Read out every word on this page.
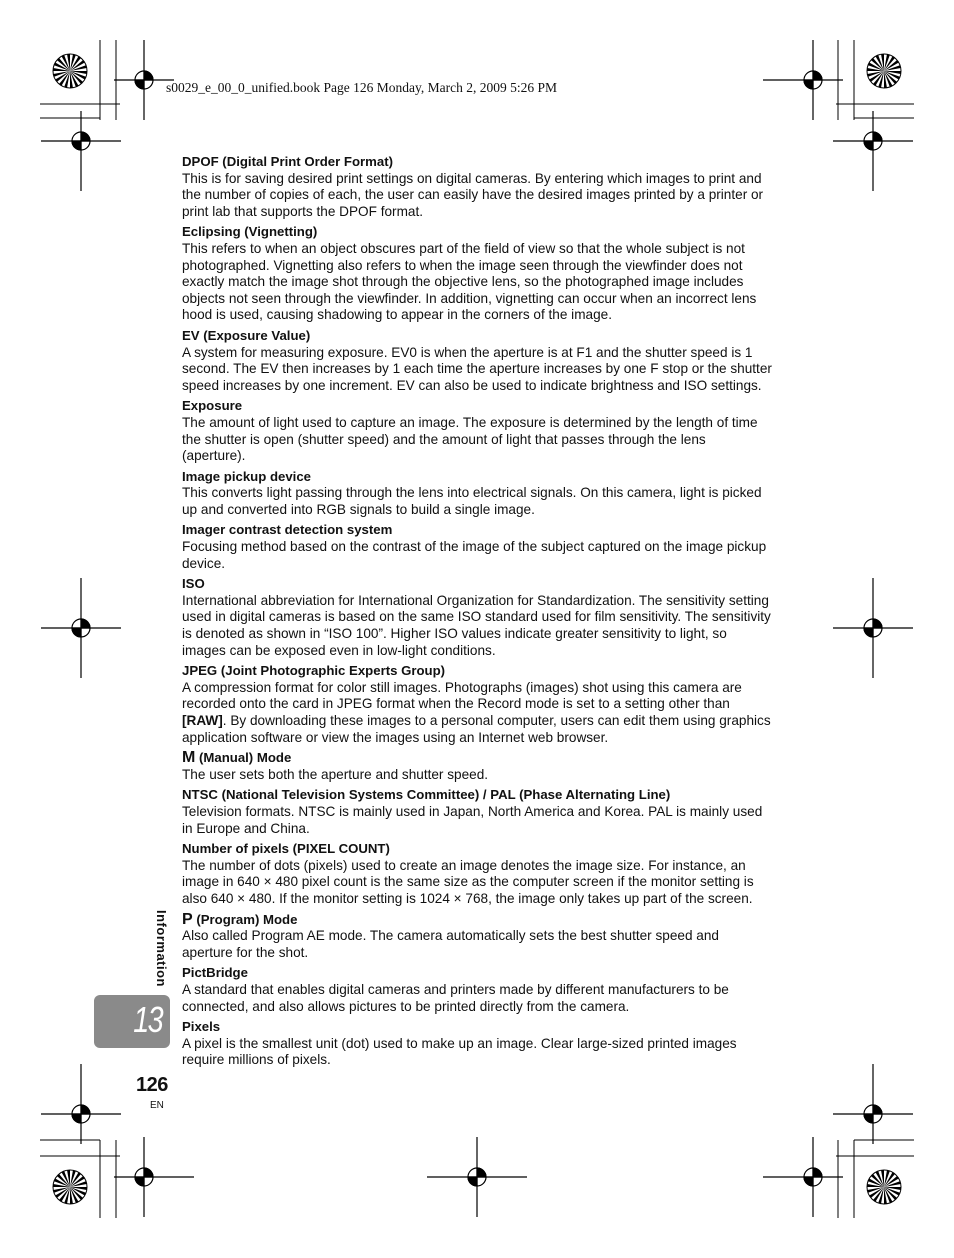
s0029_e_00_0_unified.book Page 126 Monday, March 2, 2009 5:26 PM
DPOF (Digital Print Order Format)

This is for saving desired print settings on digital cameras. By entering which images to print and the number of copies of each, the user can easily have the desired images printed by a printer or print lab that supports the DPOF format.

Eclipsing (Vignetting)

This refers to when an object obscures part of the field of view so that the whole subject is not photographed. Vignetting also refers to when the image seen through the viewfinder does not exactly match the image shot through the objective lens, so the photographed image includes objects not seen through the viewfinder. In addition, vignetting can occur when an incorrect lens hood is used, causing shadowing to appear in the corners of the image.

EV (Exposure Value)

A system for measuring exposure. EV0 is when the aperture is at F1 and the shutter speed is 1 second. The EV then increases by 1 each time the aperture increases by one F stop or the shutter speed increases by one increment. EV can also be used to indicate brightness and ISO settings.

Exposure

The amount of light used to capture an image. The exposure is determined by the length of time the shutter is open (shutter speed) and the amount of light that passes through the lens (aperture).

Image pickup device

This converts light passing through the lens into electrical signals. On this camera, light is picked up and converted into RGB signals to build a single image.

Imager contrast detection system

Focusing method based on the contrast of the image of the subject captured on the image pickup device.

ISO

International abbreviation for International Organization for Standardization. The sensitivity setting used in digital cameras is based on the same ISO standard used for film sensitivity. The sensitivity is denoted as shown in “ISO 100”. Higher ISO values indicate greater sensitivity to light, so images can be exposed even in low-light conditions.

JPEG (Joint Photographic Experts Group)

A compression format for color still images. Photographs (images) shot using this camera are recorded onto the card in JPEG format when the Record mode is set to a setting other than [RAW]. By downloading these images to a personal computer, users can edit them using graphics application software or view the images using an Internet web browser.

M (Manual) Mode

The user sets both the aperture and shutter speed.

NTSC (National Television Systems Committee) / PAL (Phase Alternating Line)

Television formats. NTSC is mainly used in Japan, North America and Korea. PAL is mainly used in Europe and China.

Number of pixels (PIXEL COUNT)

The number of dots (pixels) used to create an image denotes the image size. For instance, an image in 640 × 480 pixel count is the same size as the computer screen if the monitor setting is also 640 × 480. If the monitor setting is 1024 × 768, the image only takes up part of the screen.

P (Program) Mode

Also called Program AE mode. The camera automatically sets the best shutter speed and aperture for the shot.

PictBridge

A standard that enables digital cameras and printers made by different manufacturers to be connected, and also allows pictures to be printed directly from the camera.

Pixels

A pixel is the smallest unit (dot) used to make up an image. Clear large-sized printed images require millions of pixels.

Information
13
126
EN
